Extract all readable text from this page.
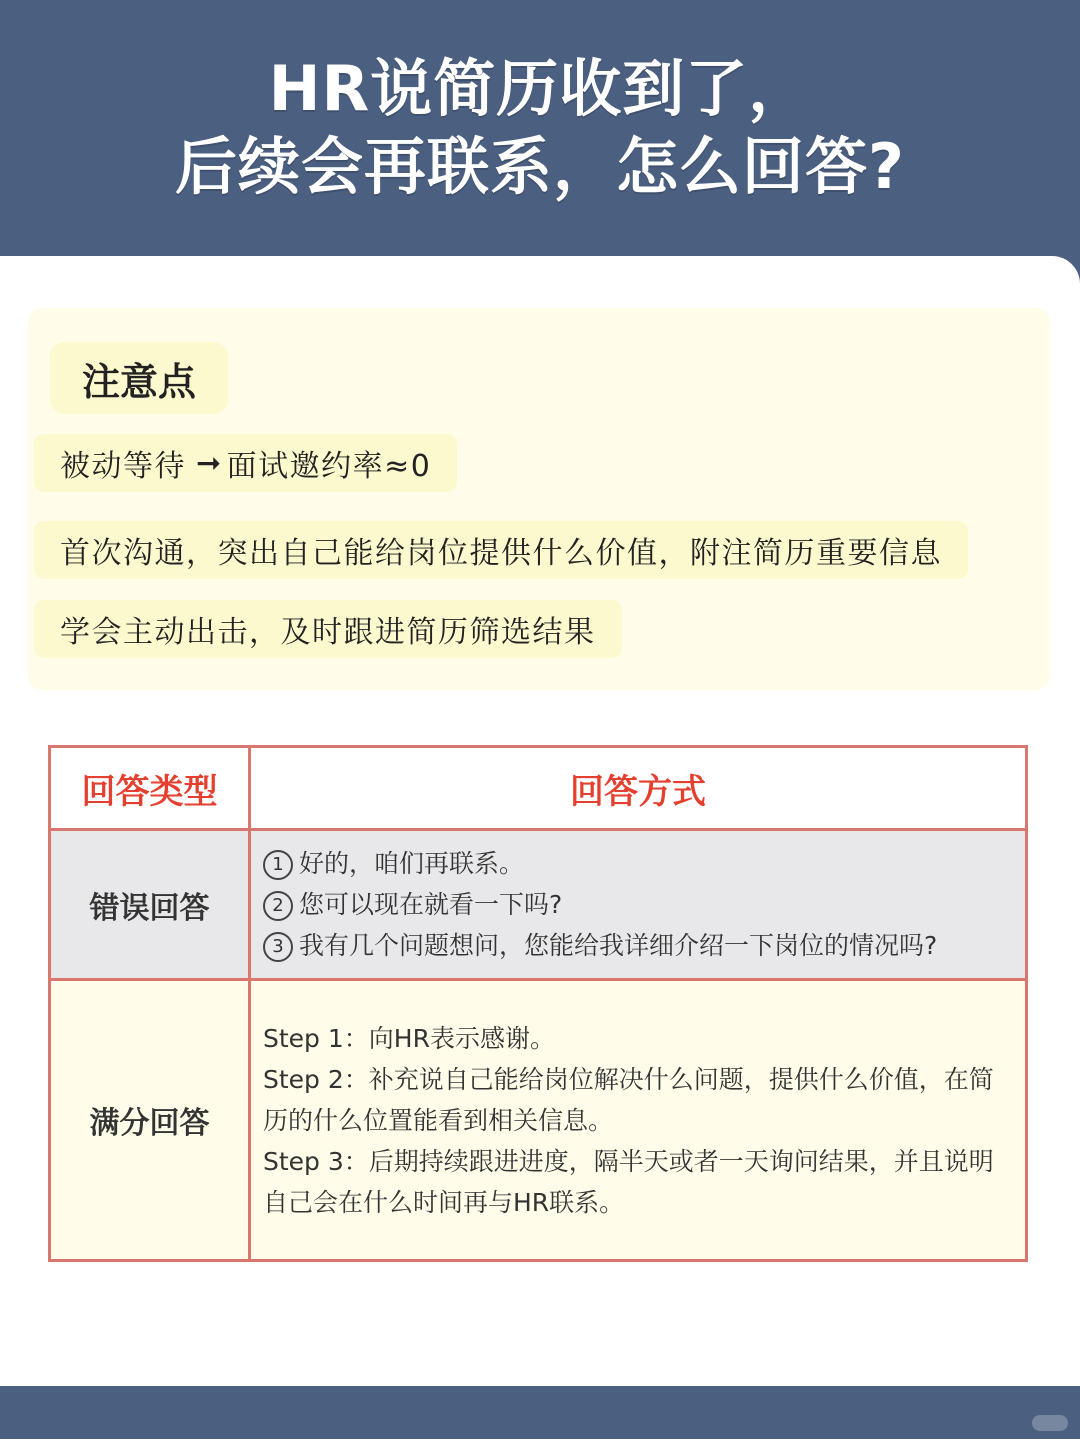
HR说简历收到了，
后续会再联系，怎么回答?
注意点
被动等待 ➞ 面试邀约率≈0
首次沟通，突出自己能给岗位提供什么价值，附注简历重要信息
学会主动出击，及时跟进简历筛选结果
回答类型	回答方式
错误回答	1 好的，咱们再联系。
2 您可以现在就看一下吗?
3 我有几个问题想问，您能给我详细介绍一下岗位的情况吗?

满分回答	Step 1：向HR表示感谢。
Step 2：补充说自己能给岗位解决什么问题，提供什么价值，在简历的什么位置能看到相关信息。
Step 3：后期持续跟进进度，隔半天或者一天询问结果，并且说明自己会在什么时间再与HR联系。
